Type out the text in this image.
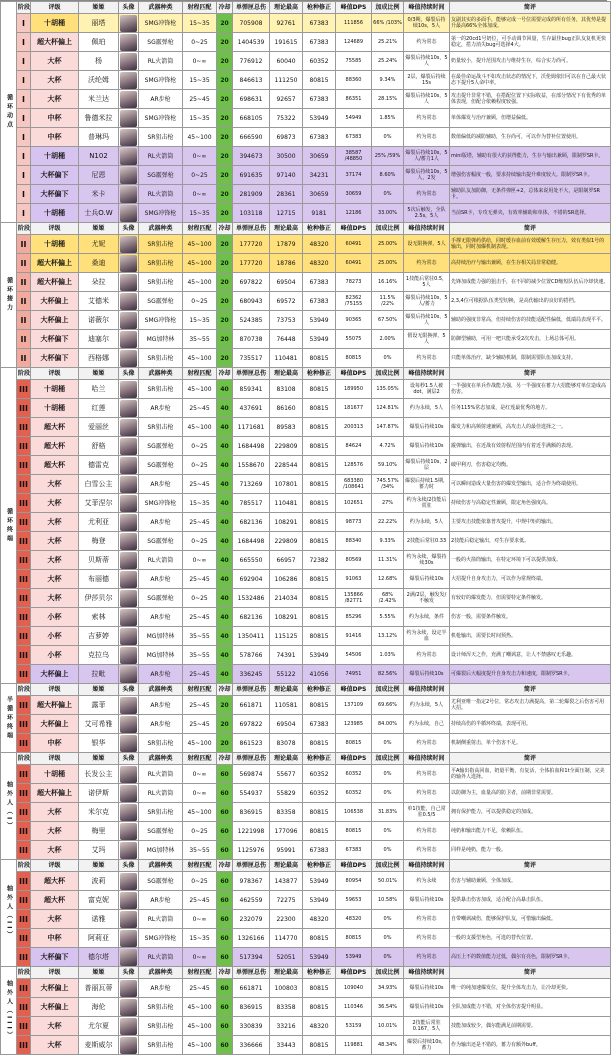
循环动点	阶段	评级	姬姬	头像	武器种类	射程匹配	冷却	单弹匣总伤	理论最高	枪种修正	峰值DPS	加成比例	峰值持续时间	简评
	I	十胡桶	丽塔		SMG冲锋枪	15~35	20	705908	92761	67383	111856	66% /103%	0/3期，爆裂后持续10s，5人	友副其实的多面手，能够完成一号位需要完成的所有任务，其优势是提升最高66%全体加成。
	I	超大杯偏上	佩珀		SG霰弹枪	0~25	20	1404539	191615	67383	124689	25.21%	约为常态	第一的20cd1号奶位，可手动调节回量，生存最佳bug正队友复机更快稳定，搭力消失bug可选择4大。
	I	大杯	杨		RL火箭筒	0~∞	20	776912	60040	60352	75585	25.24%	爆裂后持续10s，5人	奶量较小，提升范围攻击与维持生存，综合实力尚可。
	I	大杯	沃纶姆		SMG冲锋枪	15~35	20	846613	111250	80815	88360	9.34%	2层，爆裂后持续15s	在最佳命运战斗不如攻击状态的情况下，沃伦姆依旧可以在自己最大状态下提升5人命中率。
	I	大杯	米兰达		AR步枪	25~45	20	698631	92657	67383	86351	28.15%	爆裂后持续10s，5人	攻击提升非常不错，在搭配位置下实际收益，在部分情况下有优秀的单体表现，但配合依赖程度较强。
	I	中杯	鲁德米拉		SMG冲锋枪	15~35	20	668105	75322	53949	54949	1.85%	约为常态	单体爆发与治疗兼顾，但增益偏低。
	I	中杯	普琳玛		SR狙击枪	45~100	20	666590	69873	67383	67383	0%	约为常态	数值偏低的减防辅助，生存尚可，可以作为替补位置使用。
	I	十胡桶	N102		RL火箭筒	0~∞	20	394673	30500	30659	38587 /48850	25% /59%	爆裂后持续10s，5人/蓄力1人	mini版塔，辅助有很大的获得能力，生存与输出兼顾，限制罗SR卡。
	I	大杯偏下	尼恩		SG霰弹枪	0~25	20	691635	97140	34231	37174	8.60%	爆裂后持续10s，5人，2发	增强伤害幅度一般，要求持续输出提升难度较大。限制罗SR卡。
	I	大杯偏下	米卡		RL火箭筒	0~∞	20	281909	28361	30659	30659	0%	约为常态	辅助队友加防御，无条件弹匣+2，总体来说用处不大，是限制罗SR卡。
	I	十胡桶	士兵O.W		SMG冲锋枪	15~35	20	103118	12715	9181	12186	33.00%	5次后触发，全队2.5s，5人	当前SR卡，专攻无弹夹，有效率辅助和单体，不错的SR选择。
循环接力	阶段	评级	姬姬	头像	武器种类	射程匹配	冷却	单弹匣总伤	理论最高	枪种修正	峰值DPS	加成比例	峰值持续时间	简评
	II	十胡桶	尤妮		SR狙击枪	45~100	20	177720	17879	48320	60491	25.00%	设无限换弹，5人	手撑无限弹药供给，同时缓存血前有效缓解生存压力，效有类似1号的输出，同时加爆机制表现。
	II	超大杯偏上	桑迪		SR狙击枪	45~100	20	177720	18786	48320	60491	25.00%	约为常态	高持续治疗与输出兼顾，在生存相关局非常稳健。
	II	超大杯偏上	朵拉		SR狙击枪	45~100	20	697822	69504	67383	78273	16.16%	1技能后常驻0.5，5人	先锋加成能力强的狙击手，在不同的减少位置CD缩短队伍后冷却快速。
	II	大杯偏上	艾德米		SG霰弹枪	0~25	20	680943	69572	67383	82362 /75155	11.5% /22%	爆裂后持续10s，5人/蓄力	2,3,4位可根据队伍类型切换，是高伤输出的良好的搭档。
	II	大杯偏上	诺薇尔		SMG冲锋枪	15~35	20	524385	73753	53949	90365	67.50%	爆裂后持续10s，5人	辅助的强度非常高，但持续伤害的技能适配性偏低，低端局表现平平。
	II	大杯偏下	迪塞尔		MG加特林	35~55	20	870738	76448	53949	55075	2.00%	假设无限换弹，5人	防御型辅助，可用一吧只能承受2次攻击，上场总体可用。
	II	大杯偏下	西格娜		SR狙击枪	45~100	20	735517	110481	80815	80815	0%	约为常态	只能单体治疗，缺少辅助机制，限制需要队伍加成支持。
循环终端	阶段	评级	姬姬	头像	武器种类	射程匹配	冷却	单弹匣总伤	理论最高	枪种修正	峰值DPS	加成比例	峰值持续时间	简评
	III	十胡桶	哈兰		SR狙击枪	45~100	40	859341	83108	80815	189950	135.05%	设每秒1.5人被dot，满层2	一半强度在单兵作战能力强，另一半强度在蓄力大招能够对单位造成高伤害。
	III	十胡桶	红莲		AR步枪	25~45	40	437691	86160	80815	181677	124.81%	约为永续，5人	任务115%常态加成，是红莲最优秀的地方。
	III	超大杯	爱丽丝		SR狙击枪	45~100	40	1171681	89583	80815	200313	147.87%	爆裂后持续10s	爆发力和高频射速兼顾，高攻击人的最佳选择之一。
	III	超大杯	舒格		SG霰弹枪	0~25	40	1684498	229809	80815	84624	4.72%	爆裂后持续10s	霰弹输出，在近战有效射程范围内有着近乎满额的表现。
	III	超大杯	德雷克		SG霰弹枪	0~25	40	1558670	228544	80815	128576	59.10%	爆裂后持续10s，2层	破甲利刃，伤害稳定均衡。
	III	大杯	白雪公主		AR步枪	25~45	40	713269	107801	80815	683380 /108641	745.57% /34%	爆裂后持续1.5期，蓄力时	可以瞬间造成大量伤害的爆发型输出，适合作为终端使用。
	III	大杯	艾菲涅尔		SMG冲锋枪	15~35	40	785517	110481	80815	102651	27%	约为永续/2技能后常驻	持续伤害与高稳定性兼顾，限定角色强度高。
	III	大杯	尤利亚		AR步枪	25~45	40	682136	108291	80815	98773	22.22%	约为永续，5人	主要攻击技能依靠普攻提升，中规中矩的输出。
	III	大杯	梅登		SG霰弹枪	0~25	40	1684498	229809	80815	88340	9.33%	2技能后常驻0.33	2技能后稳定输出，对生存要求低。
	III	大杯	贝斯蒂		RL火箭筒	0~∞	40	665550	66957	72382	80569	11.31%	约为永续，爆裂持续30s	一般的火箭筒输出，在特定环境下可以提供加成。
	III	大杯	布丽德		AR步枪	25~45	40	692904	106286	80815	91063	12.68%	爆裂后持续10s	大招提升自身攻击力，可以作为常规终端。
	III	大杯	伊莎贝尔		SG霰弹枪	0~25	40	1532486	214034	80815	135866 /82771	68% /2.42%	2满/2层，触发发/不触发	有较好的爆发能力，但需要特定条件触发。
	III	小杯	索林		AR步枪	25~45	40	682136	108291	80815	85296	5.55%	约为永续，条件	伤害一般，需要条件触发。
	III	小杯	吉萝婷		MG加特林	35~55	40	1350411	115125	80815	91416	13.12%	约为永续，设定半血	机枪输出，需要长时间预热。
	III	小杯	克拉乌		MG加特林	35~55	40	578766	74391	53949	54506	1.03%	约为常态	设计师浑天之作，充满了嘲讽意，让人不禁感叹无乐趣。
	III	大杯偏上	拉毗		AR步枪	25~45	40	336245	55122	41056	74951	82.56%	爆裂后持续10s	可爆裂后大幅度提升自身攻击力和速度，限制罗SR卡。
半循环终端	阶段	评级	姬姬	头像	武器种类	射程匹配	冷却	单弹匣总伤	理论最高	枪种修正	峰值DPS	加成比例	峰值持续时间	简评
	III	超大杯偏上	露菲		AR步枪	25~45	20	661871	110581	80815	137109	69.66%	约为永续，5人	尤利亚唯一指定2号位，常态攻击力满提高，第二轮爆裂之后伤害可用大招。
	III	大杯偏上	艾可希雅		AR步枪	25~45	20	697822	69504	67383	123985	84.00%	约为永续，自己	持续高伤的半循环终端，表现可用。
	III	中杯	银华		SR狙击枪	45~100	20	861523	83078	80815	80815	0%	约为常态	机制侧重射击，单个伤害不足。
轴外人（I）	阶段	评级	姬姬	头像	武器种类	射程匹配	冷却	单弹匣总伤	理论最高	枪种修正	峰值DPS	加成比例	峰值持续时间	简评
	III	十胡桶	长发公主		RL火箭筒	0~∞	60	569874	55677	60352	60352	0%	约为常态	平A输出指高回血，奶量平衡，有复活，全体拍血和1t全面压制，完美的轴外人选择。
	III	超大杯偏上	诺伊斯		RL火箭筒	0~∞	60	554937	55829	60352	60352	0%	约为常态	以防御为主，血量高的防卫者，前期非常需要。
	III	大杯	米尔克		SR狙击枪	45~100	60	836915	83358	80815	106538	31.83%	单1技能，自己常驻0.5/5	拥有保护能力，可以提供稳定的加成。
	III	大杯	梅里		SG霰弹枪	0~25	60	1221998	177096	80815	80815	0%	约为常态	纯奶和输出能力不足，依赖队伍。
	III	大杯	艾玛		MG加特林	35~55	60	1125976	95991	67383	67383	0%	约为常态	同样是纯奶，能力一般。
轴外人（II）	阶段	评级	姬姬	头像	武器种类	射程匹配	冷却	单弹匣总伤	理论最高	枪种修正	峰值DPS	加成比例	峰值持续时间	简评
	III	超大杯	波莉		SG霰弹枪	0~25	60	978367	143877	53949	80954	50.01%	约为永续	伤害与辅助兼顾，全体加成。
	III	超大杯	富克妮		AR步枪	25~45	60	462559	72275	53949	59653	10.58%	爆裂后持续10s	提供暴击伤害加成，适合配合高暴击队伍。
	III	大杯	诺雅		RL火箭筒	0~∞	60	232079	22300	48320	48320	0%	约为常态	自带嘲讽减伤，能够保护队友，可惜输出偏低。
	III	中杯	阿莉亚		SMG冲锋枪	15~35	60	1326166	114770	80815	80815	0%	约为常态	一般的支援型角色，可选的替代位置。
	III	大杯偏下	德尔塔		RL火箭筒	0~∞	60	517394	52051	53949	53949	0%	约为常态	高压上不的数值能力过低，偶尔有亮色，限制罗SR卡。
轴外人（III）	阶段	评级	姬姬	头像	武器种类	射程匹配	冷却	单弹匣总伤	理论最高	枪种修正	峰值DPS	加成比例	峰值持续时间	简评
	III	大杯偏上	普丽瓦蒂		AR步枪	25~45	60	661871	100803	80815	109040	34.93%	爆裂后持续10s	唯一的纯加速爆发位，提升全体攻击力，让冷却更快。
	III	大杯偏上	海伦		SR狙击枪	45~100	60	836915	83358	80815	110346	36.54%	爆裂后持续10s	全队加成能力不错，对全体伤害提升明显。
	III	大杯	尤尔夏		SR狙击枪	45~100	60	330839	33216	48320	53159	10.01%	2技能后常驻0.167，5人	技能加成较少，偶尔能满足前期需要。
	III	大杯	麦斯威尔		SR狙击枪	45~100	60	336666	33443	80815	119881	48.34%	爆裂后持续10s，蓄力	作为输出还是不错的，蓄力有额外buff。
